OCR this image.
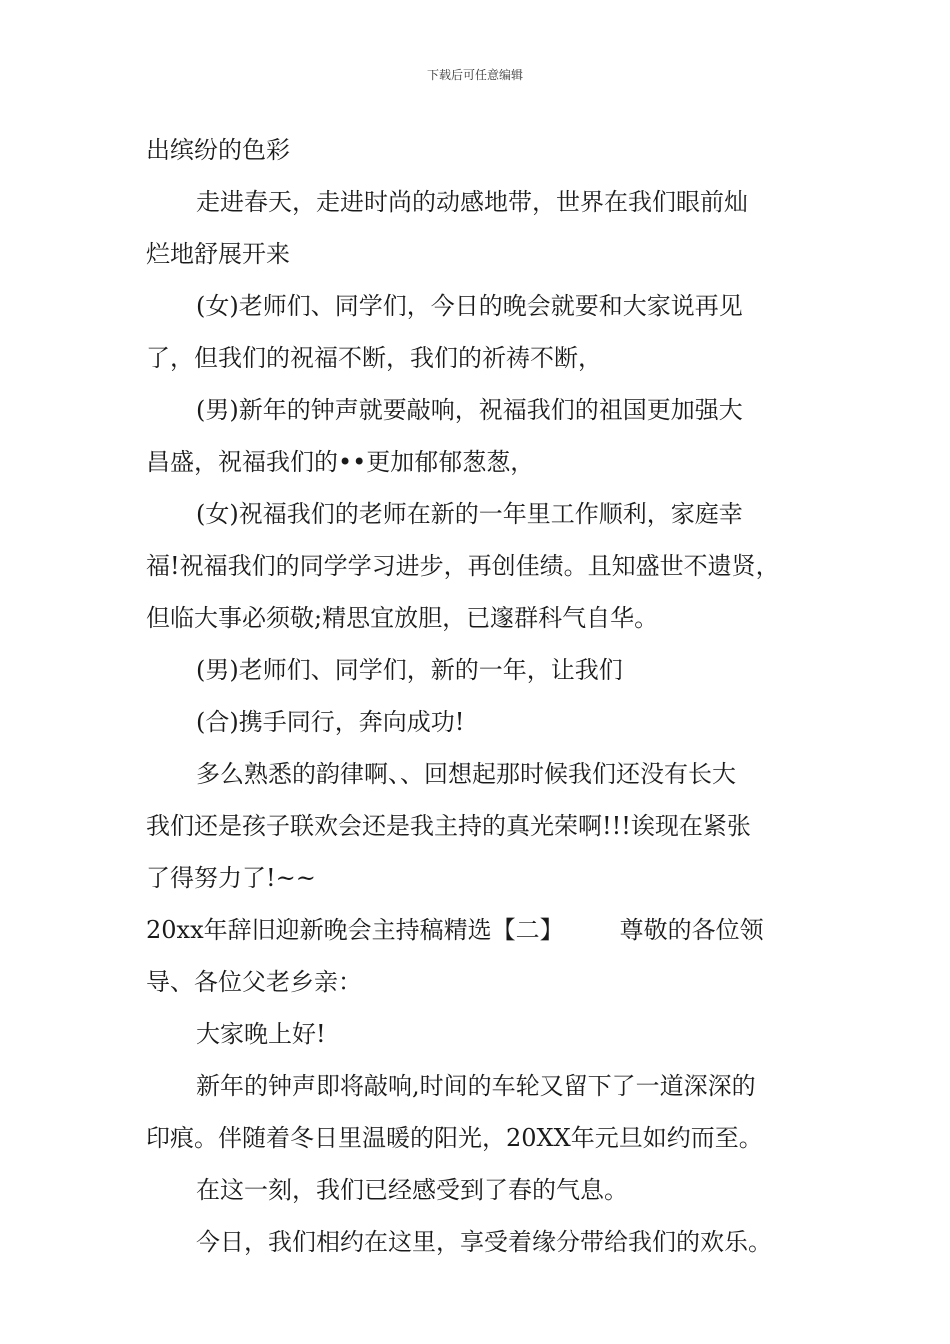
下载后可任意编辑
出缤纷的色彩
走进春天，走进时尚的动感地带，世界在我们眼前灿
烂地舒展开来
(女)老师们、同学们，今日的晚会就要和大家说再见
了，但我们的祝福不断，我们的祈祷不断，
(男)新年的钟声就要敲响，祝福我们的祖国更加强大
昌盛，祝福我们的••更加郁郁葱葱，
(女)祝福我们的老师在新的一年里工作顺利，家庭幸
福!祝福我们的同学学习进步，再创佳绩。且知盛世不遗贤，
但临大事必须敬;精思宜放胆，已邃群科气自华。
(男)老师们、同学们，新的一年，让我们
(合)携手同行，奔向成功!
多么熟悉的韵律啊、、回想起那时候我们还没有长大
我们还是孩子联欢会还是我主持的真光荣啊!!!诶现在紧张
了得努力了!~~
20xx年辞旧迎新晚会主持稿精选【二】 尊敬的各位领
导、各位父老乡亲：
大家晚上好!
新年的钟声即将敲响,时间的车轮又留下了一道深深的
印痕。伴随着冬日里温暖的阳光，20XX年元旦如约而至。
在这一刻，我们已经感受到了春的气息。
今日，我们相约在这里，享受着缘分带给我们的欢乐。
